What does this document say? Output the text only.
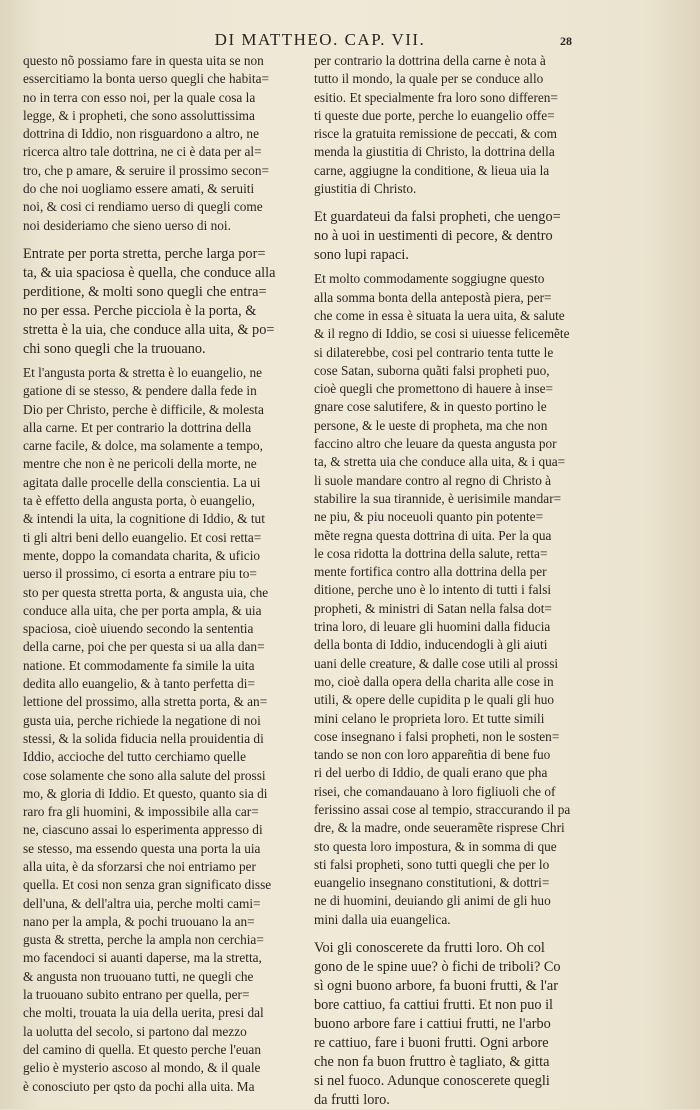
DI MATTHEO. CAP. VII.	28
questo nõ possiamo fare in questa uita se non
essercitiamo la bonta uerso quegli che habita=
no in terra con esso noi, per la quale cosa la
legge, & i propheti, che sono assoluttissima
dottrina di Iddio, non risguardono a altro, ne
ricerca altro tale dottrina, ne ci è data per al=
tro, che p amare, & seruire il prossimo secon=
do che noi uogliamo essere amati, & seruiti
noi, & cosi ci rendiamo uerso di quegli come
noi desideriamo che sieno uerso di noi.
Entrate per porta stretta, perche larga por=
ta, & uia spaciosa è quella, che conduce alla
perditione, & molti sono quegli che entra=
no per essa. Perche picciola è la porta, &
stretta è la uia, che conduce alla uita, & po=
chi sono quegli che la truouano.
Et l'angusta porta & stretta è lo euangelio, ne
gatione di se stesso, & pendere dalla fede in
Dio per Christo, perche è difficile, & molesta
alla carne. Et per contrario la dottrina della
carne facile, & dolce, ma solamente a tempo,
mentre che non è ne pericoli della morte, ne
agitata dalle procelle della conscientia. La ui
ta è effetto della angusta porta, ò euangelio,
& intendi la uita, la cognitione di Iddio, & tut
ti gli altri beni dello euangelio. Et cosi retta=
mente, doppo la comandata charita, & uficio
uerso il prossimo, ci esorta a entrare piu to=
sto per questa stretta porta, & angusta uia, che
conduce alla uita, che per porta ampla, & uia
spaciosa, cioè uiuendo secondo la sententia
della carne, poi che per questa si ua alla dan=
natione. Et commodamente fa simile la uita
dedita allo euangelio, & à tanto perfetta di=
lettione del prossimo, alla stretta porta, & an=
gusta uia, perche richiede la negatione di noi
stessi, & la solida fiducia nella prouidentia di
Iddio, accioche del tutto cerchiamo quelle
cose solamente che sono alla salute del prossi
mo, & gloria di Iddio. Et questo, quanto sia di
raro fra gli huomini, & impossibile alla car=
ne, ciascuno assai lo esperimenta appresso di
se stesso, ma essendo questa una porta la uia
alla uita, è da sforzarsi che noi entriamo per
quella. Et cosi non senza gran significato disse
dell'una, & dell'altra uia, perche molti cami=
nano per la ampla, & pochi truouano la an=
gusta & stretta, perche la ampla non cerchia=
mo facendoci si auanti daperse, ma la stretta,
& angusta non truouano tutti, ne quegli che
la truouano subito entrano per quella, per=
che molti, trouata la uia della uerita, presi dal
la uolutta del secolo, si partono dal mezzo
del camino di quella. Et questo perche l'euan
gelio è mysterio ascoso al mondo, & il quale
è conosciuto per qsto da pochi alla uita. Ma
per contrario la dottrina della carne è nota à
tutto il mondo, la quale per se conduce allo
esitio. Et specialmente fra loro sono differen=
ti queste due porte, perche lo euangelio offe=
risce la gratuita remissione de peccati, & com
menda la giustitia di Christo, la dottrina della
carne, aggiugne la conditione, & lieua uia la
giustitia di Christo.
Et guardateui da falsi propheti, che uengo=
no à uoi in uestimenti di pecore, & dentro
sono lupi rapaci.
Et molto commodamente soggiugne questo
alla somma bonta della antepostà piera, per=
che come in essa è situata la uera uita, & salute
& il regno di Iddio, se cosi si uiuesse felicemẽte
si dilaterebbe, cosi pel contrario tenta tutte le
cose Satan, suborna quãti falsi propheti puo,
cioè quegli che promettono di hauere à inse=
gnare cose salutifere, & in questo portino le
persone, & le ueste di propheta, ma che non
faccino altro che leuare da questa angusta por
ta, & stretta uia che conduce alla uita, & i qua=
li suole mandare contro al regno di Christo à
stabilire la sua tirannide, è uerisimile mandar=
ne piu, & piu noceuoli quanto pin potente=
mẽte regna questa dottrina di uita. Per la qua
le cosa ridotta la dottrina della salute, retta=
mente fortifica contro alla dottrina della per
ditione, perche uno è lo intento di tutti i falsi
propheti, & ministri di Satan nella falsa dot=
trina loro, di leuare gli huomini dalla fiducia
della bonta di Iddio, inducendogli à gli aiuti
uani delle creature, & dalle cose utili al prossi
mo, cioè dalla opera della charita alle cose in
utili, & opere delle cupidita p le quali gli huo
mini celano le proprieta loro. Et tutte simili
cose insegnano i falsi propheti, non le sosten=
tando se non con loro appareñtia di bene fuo
ri del uerbo di Iddio, de quali erano que pha
risei, che comandauano à loro figliuoli che of
ferissino assai cose al tempio, straccurando il pa
dre, & la madre, onde seueramẽte risprese Chri
sto questa loro impostura, & in somma di que
sti falsi propheti, sono tutti quegli che per lo
euangelio insegnano constitutioni, & dottri=
ne di huomini, deuiando gli animi de gli huo
mini dalla uia euangelica.
Voi gli conoscerete da frutti loro. Oh col
gono de le spine uue? ò fichi de triboli? Co
sì ogni buono arbore, fa buoni frutti, & l'ar
bore cattiuo, fa cattiui frutti. Et non puo il
buono arbore fare i cattiui frutti, ne l'arbo
re cattiuo, fare i buoni frutti. Ogni arbore
che non fa buon fruttro è tagliato, & gitta
si nel fuoco. Adunque conoscerete quegli
da frutti loro.
